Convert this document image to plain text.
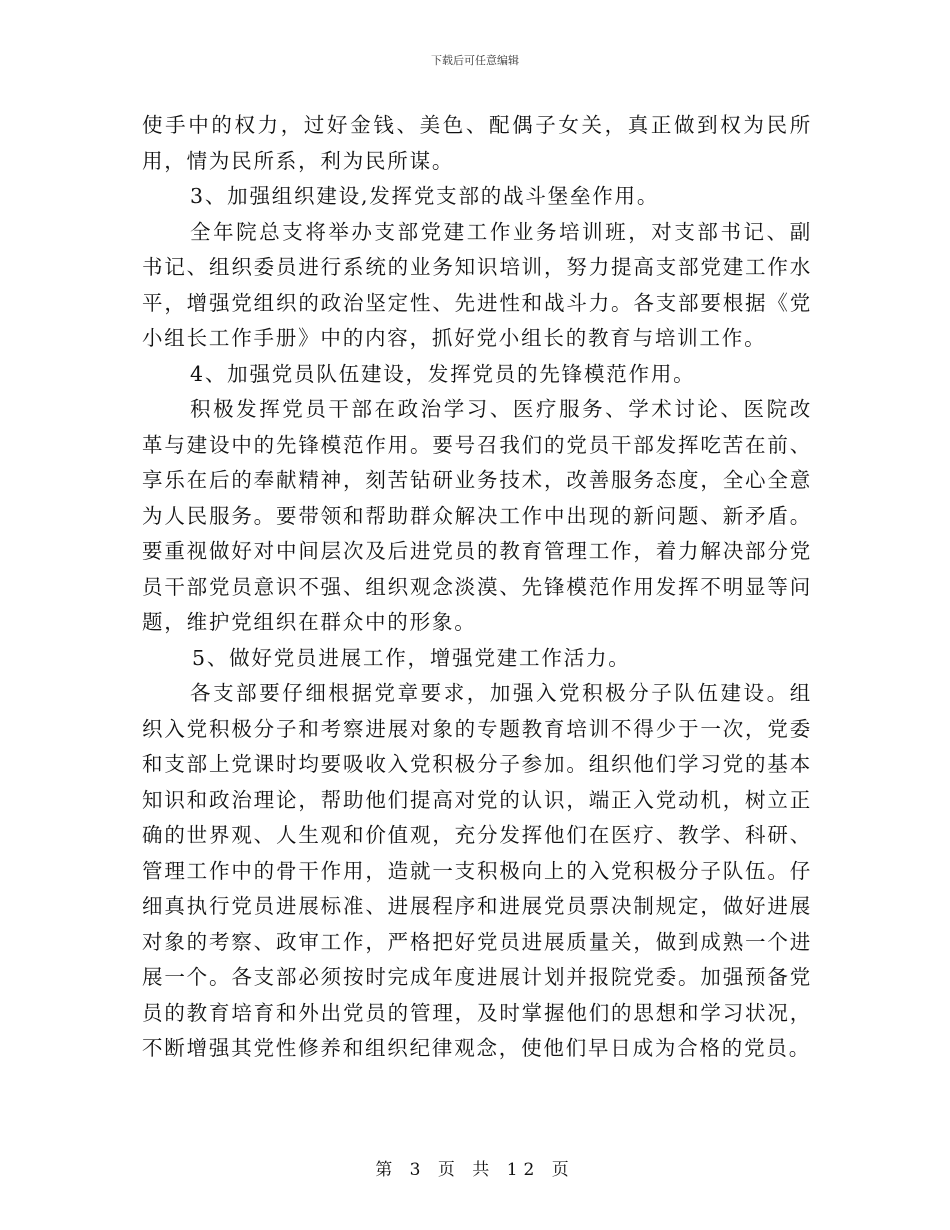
下载后可任意编辑

使手中的权力，过好金钱、美色、配偶子女关，真正做到权为民所用，情为民所系，利为民所谋。

3、加强组织建设,发挥党支部的战斗堡垒作用。

全年院总支将举办支部党建工作业务培训班，对支部书记、副书记、组织委员进行系统的业务知识培训，努力提高支部党建工作水平，增强党组织的政治坚定性、先进性和战斗力。各支部要根据《党小组长工作手册》中的内容，抓好党小组长的教育与培训工作。

4、加强党员队伍建设，发挥党员的先锋模范作用。

积极发挥党员干部在政治学习、医疗服务、学术讨论、医院改革与建设中的先锋模范作用。要号召我们的党员干部发挥吃苦在前、享乐在后的奉献精神，刻苦钻研业务技术，改善服务态度，全心全意为人民服务。要带领和帮助群众解决工作中出现的新问题、新矛盾。要重视做好对中间层次及后进党员的教育管理工作，着力解决部分党员干部党员意识不强、组织观念淡漠、先锋模范作用发挥不明显等问题，维护党组织在群众中的形象。

5、做好党员进展工作，增强党建工作活力。

各支部要仔细根据党章要求，加强入党积极分子队伍建设。组织入党积极分子和考察进展对象的专题教育培训不得少于一次，党委和支部上党课时均要吸收入党积极分子参加。组织他们学习党的基本知识和政治理论，帮助他们提高对党的认识，端正入党动机，树立正确的世界观、人生观和价值观，充分发挥他们在医疗、教学、科研、管理工作中的骨干作用，造就一支积极向上的入党积极分子队伍。仔细真执行党员进展标准、进展程序和进展党员票决制规定，做好进展对象的考察、政审工作，严格把好党员进展质量关，做到成熟一个进展一个。各支部必须按时完成年度进展计划并报院党委。加强预备党员的教育培育和外出党员的管理，及时掌握他们的思想和学习状况，不断增强其党性修养和组织纪律观念，使他们早日成为合格的党员。

第 3 页 共 12 页
